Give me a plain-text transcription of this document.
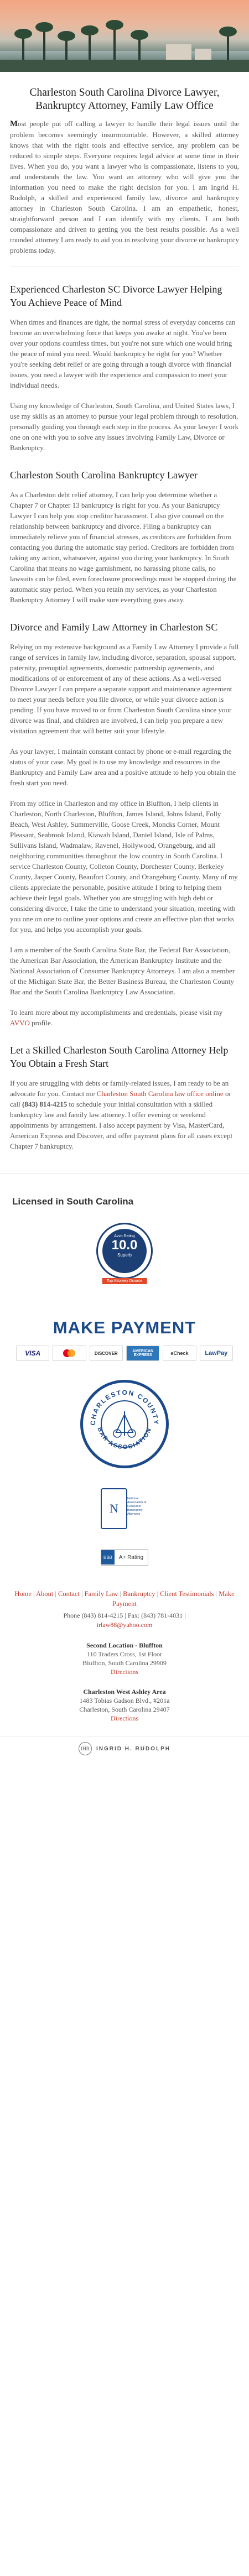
Charleston South Carolina Divorce Lawyer, Bankruptcy Attorney, Family Law Office

Most people put off calling a lawyer to handle their legal issues until the problem becomes seemingly insurmountable. However, a skilled attorney knows that with the right tools and effective service, any problem can be reduced to simple steps. Everyone requires legal advice at some time in their lives. When you do, you want a lawyer who is compassionate, listens to you, and understands the law. You want an attorney who will give you the information you need to make the right decision for you. I am Ingrid H. Rudolph, a skilled and experienced family law, divorce and bankruptcy attorney in Charleston South Carolina. I am an empathetic, honest, straightforward person and I can identify with my clients. I am both compassionate and driven to getting you the best results possible. As a well rounded attorney I am ready to aid you in resolving your divorce or bankruptcy problems today.

Experienced Charleston SC Divorce Lawyer Helping You Achieve Peace of Mind

When times and finances are tight, the normal stress of everyday concerns can become an overwhelming force that keeps you awake at night. You've been over your options countless times, but you're not sure which one would bring the peace of mind you need. Would bankruptcy be right for you? Whether you're seeking debt relief or are going through a tough divorce with financial issues, you need a lawyer with the experience and compassion to meet your individual needs.

Using my knowledge of Charleston, South Carolina, and United States laws, I use my skills as an attorney to pursue your legal problem through to resolution, personally guiding you through each step in the process. As your lawyer I work one on one with you to solve any issues involving Family Law, Divorce or Bankruptcy.

Charleston South Carolina Bankruptcy Lawyer

As a Charleston debt relief attorney, I can help you determine whether a Chapter 7 or Chapter 13 bankruptcy is right for you. As your Bankruptcy Lawyer I can help you stop creditor harassment. I also give counsel on the relationship between bankruptcy and divorce. Filing a bankruptcy can immediately relieve you of financial stresses, as creditors are forbidden from contacting you during the automatic stay period. Creditors are forbidden from taking any action, whatsoever, against you during your bankruptcy. In South Carolina that means no wage garnishment, no harassing phone calls, no lawsuits can be filed, even foreclosure proceedings must be stopped during the automatic stay period. When you retain my services, as your Charleston Bankruptcy Attorney I will make sure everything goes away.

Divorce and Family Law Attorney in Charleston SC

Relying on my extensive background as a Family Law Attorney I provide a full range of services in family law, including divorce, separation, spousal support, paternity, prenuptial agreements, domestic partnership agreements, and modifications of or enforcement of any of these actions. As a well-versed Divorce Lawyer I can prepare a separate support and maintenance agreement to meet your needs before you file divorce, or while your divorce action is pending. If you have moved to or from Charleston South Carolina since your divorce was final, and children are involved, I can help you prepare a new visitation agreement that will better suit your lifestyle.

As your lawyer, I maintain constant contact by phone or e-mail regarding the status of your case. My goal is to use my knowledge and resources in the Bankruptcy and Family Law area and a positive attitude to help you obtain the fresh start you need.

From my office in Charleston and my office in Bluffton, I help clients in Charleston, North Charleston, Bluffton, James Island, Johns Island, Folly Beach, West Ashley, Summerville, Goose Creek, Moncks Corner, Mount Pleasant, Seabrook Island, Kiawah Island, Daniel Island, Isle of Palms, Sullivans Island, Wadmalaw, Ravenel, Hollywood, Orangeburg, and all neighboring communities throughout the low country in South Carolina. I service Charleston County, Colleton County, Dorchester County, Berkeley County, Jasper County, Beaufort County, and Orangeburg County. Many of my clients appreciate the personable, positive attitude I bring to helping them achieve their legal goals. Whether you are struggling with high debt or considering divorce, I take the time to understand your situation, meeting with you one on one to outline your options and create an effective plan that works for you, and helps you accomplish your goals.

I am a member of the South Carolina State Bar, the Federal Bar Association, the American Bar Association, the American Bankruptcy Institute and the National Association of Consumer Bankruptcy Attorneys. I am also a member of the Michigan State Bar, the Better Business Bureau, the Charleston County Bar and the South Carolina Bankruptcy Law Association.

To learn more about my accomplishments and credentials, please visit my AVVO profile.

Let a Skilled Charleston South Carolina Attorney Help You Obtain a Fresh Start

If you are struggling with debts or family-related issues, I am ready to be an advocate for you. Contact me Charleston South Carolina law office online or call (843) 814-4215 to schedule your initial consultation with a skilled bankruptcy law and family law attorney. I offer evening or weekend appointments by arrangement. I also accept payment by Visa, MasterCard, American Express and Discover, and offer payment plans for all cases except Chapter 7 bankruptcy.

Licensed in South Carolina
Avvo Rating
10.0
Superb
Top Attorney Divorce
MAKE PAYMENT
VISA	DISCOVER	AMERICAN EXPRESS	eCheck	LawPay
CHARLESTON COUNTY
BAR ASSOCIATION
N
National Association of Consumer Bankruptcy Attorneys
BBB	A+ Rating
Home | About | Contact | Family Law | Bankruptcy | Client Testimonials | Make Payment
Phone (843) 814-4215 | Fax: (843) 781-4031 |
irlaw88@yahoo.com
Second Location - Bluffton
110 Traders Cross, 1st Floor
Bluffton, South Carolina 29909
Directions
Charleston West Ashley Area
1483 Tobias Gadson Blvd., #201a
Charleston, South Carolina 29407
Directions
IHR	INGRID H. RUDOLPH
